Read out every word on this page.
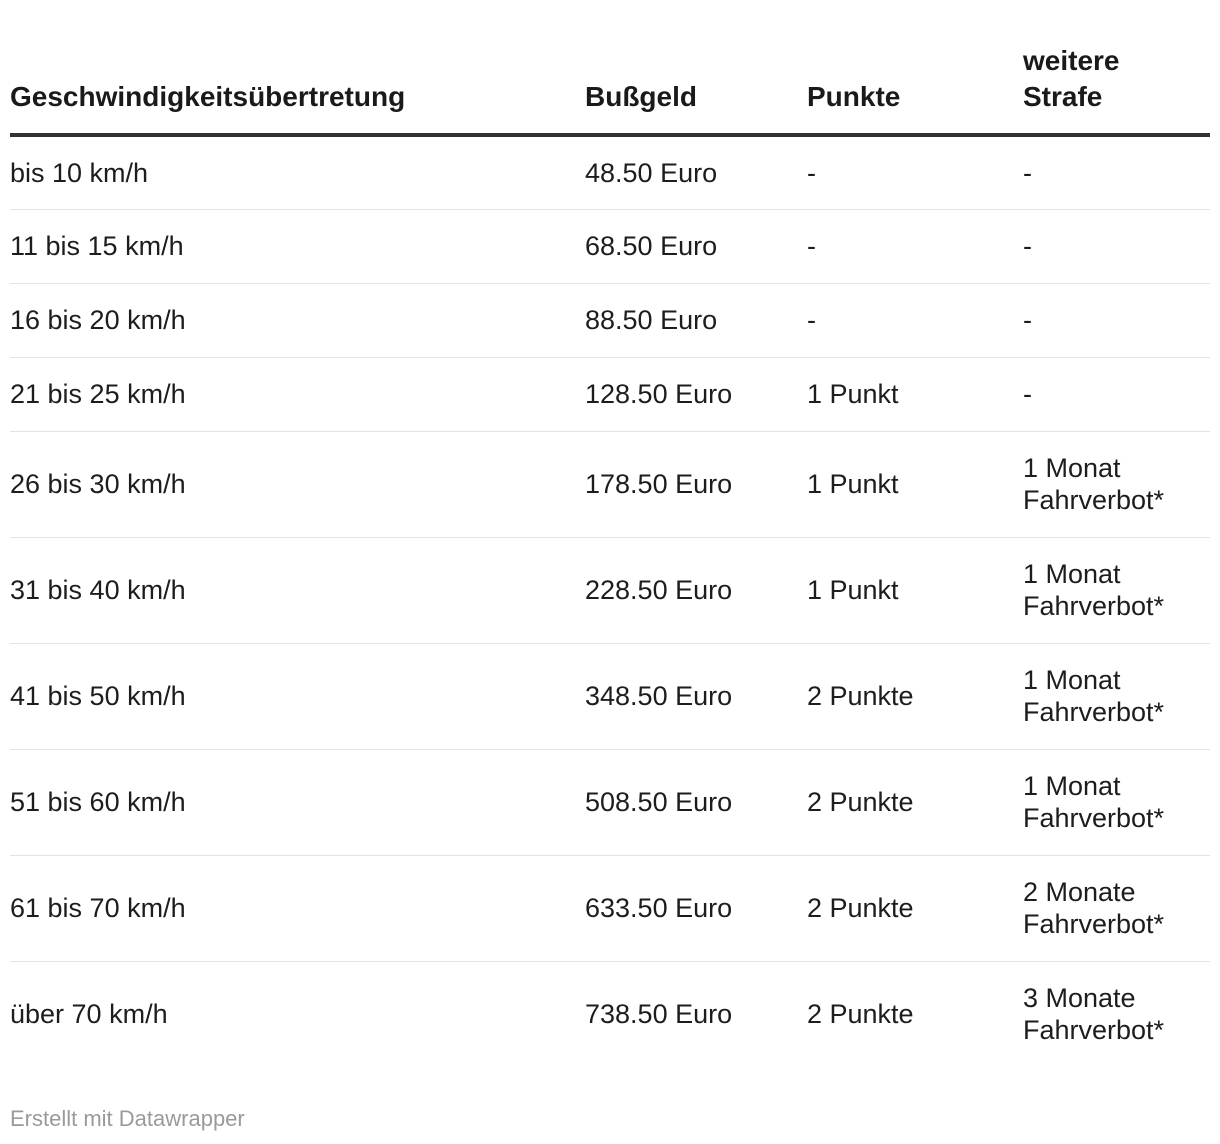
Geschwindigkeitsübertretung	Bußgeld	Punkte	weitere
Strafe

bis 10 km/h	48.50 Euro	-	-

11 bis 15 km/h	68.50 Euro	-	-

16 bis 20 km/h	88.50 Euro	-	-

21 bis 25 km/h	128.50 Euro	1 Punkt	-

26 bis 30 km/h	178.50 Euro	1 Punkt	1 Monat
Fahrverbot*

31 bis 40 km/h	228.50 Euro	1 Punkt	1 Monat
Fahrverbot*

41 bis 50 km/h	348.50 Euro	2 Punkte	1 Monat
Fahrverbot*

51 bis 60 km/h	508.50 Euro	2 Punkte	1 Monat
Fahrverbot*

61 bis 70 km/h	633.50 Euro	2 Punkte	2 Monate
Fahrverbot*

über 70 km/h	738.50 Euro	2 Punkte	3 Monate
Fahrverbot*
Erstellt mit Datawrapper
